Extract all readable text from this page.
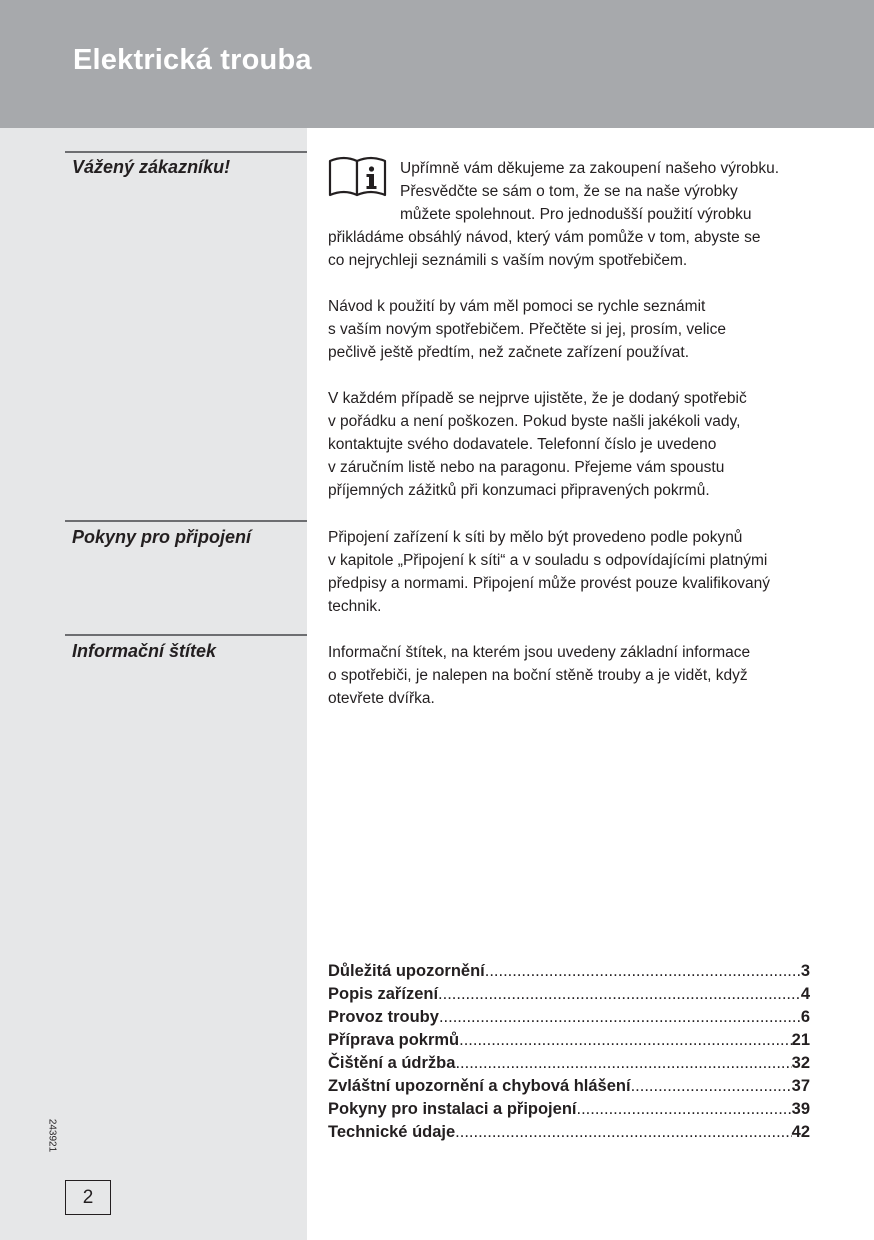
Elektrická trouba
Vážený zákazníku!	Upřímně vám děkujeme za zakoupení našeho výrobku.
Přesvědčte se sám o tom, že se na naše výrobky
můžete spolehnout. Pro jednodušší použití výrobku
přikládáme obsáhlý návod, který vám pomůže v tom, abyste se
co nejrychleji seznámili s vaším novým spotřebičem.
Návod k použití by vám měl pomoci se rychle seznámit
s vaším novým spotřebičem. Přečtěte si jej, prosím, velice
pečlivě ještě předtím, než začnete zařízení používat.
V každém případě se nejprve ujistěte, že je dodaný spotřebič
v pořádku a není poškozen. Pokud byste našli jakékoli vady,
kontaktujte svého dodavatele. Telefonní číslo je uvedeno
v záručním listě nebo na paragonu. Přejeme vám spoustu
příjemných zážitků při konzumaci připravených pokrmů.
Pokyny pro připojení	Připojení zařízení k síti by mělo být provedeno podle pokynů
v kapitole „Připojení k síti“ a v souladu s odpovídajícími platnými
předpisy a normami. Připojení může provést pouze kvalifikovaný
technik.
Informační štítek	Informační štítek, na kterém jsou uvedeny základní informace
o spotřebiči, je nalepen na boční stěně trouby a je vidět, když
otevřete dvířka.
Důležitá upozornění .....	3
Popis zařízení .....	4
Provoz trouby .....	6
Příprava pokrmů .....	21
Čištění a údržba .....	32
Zvláštní upozornění a chybová hlášení .....	37
Pokyny pro instalaci a připojení .....	39
Technické údaje .....	42
243921
2
